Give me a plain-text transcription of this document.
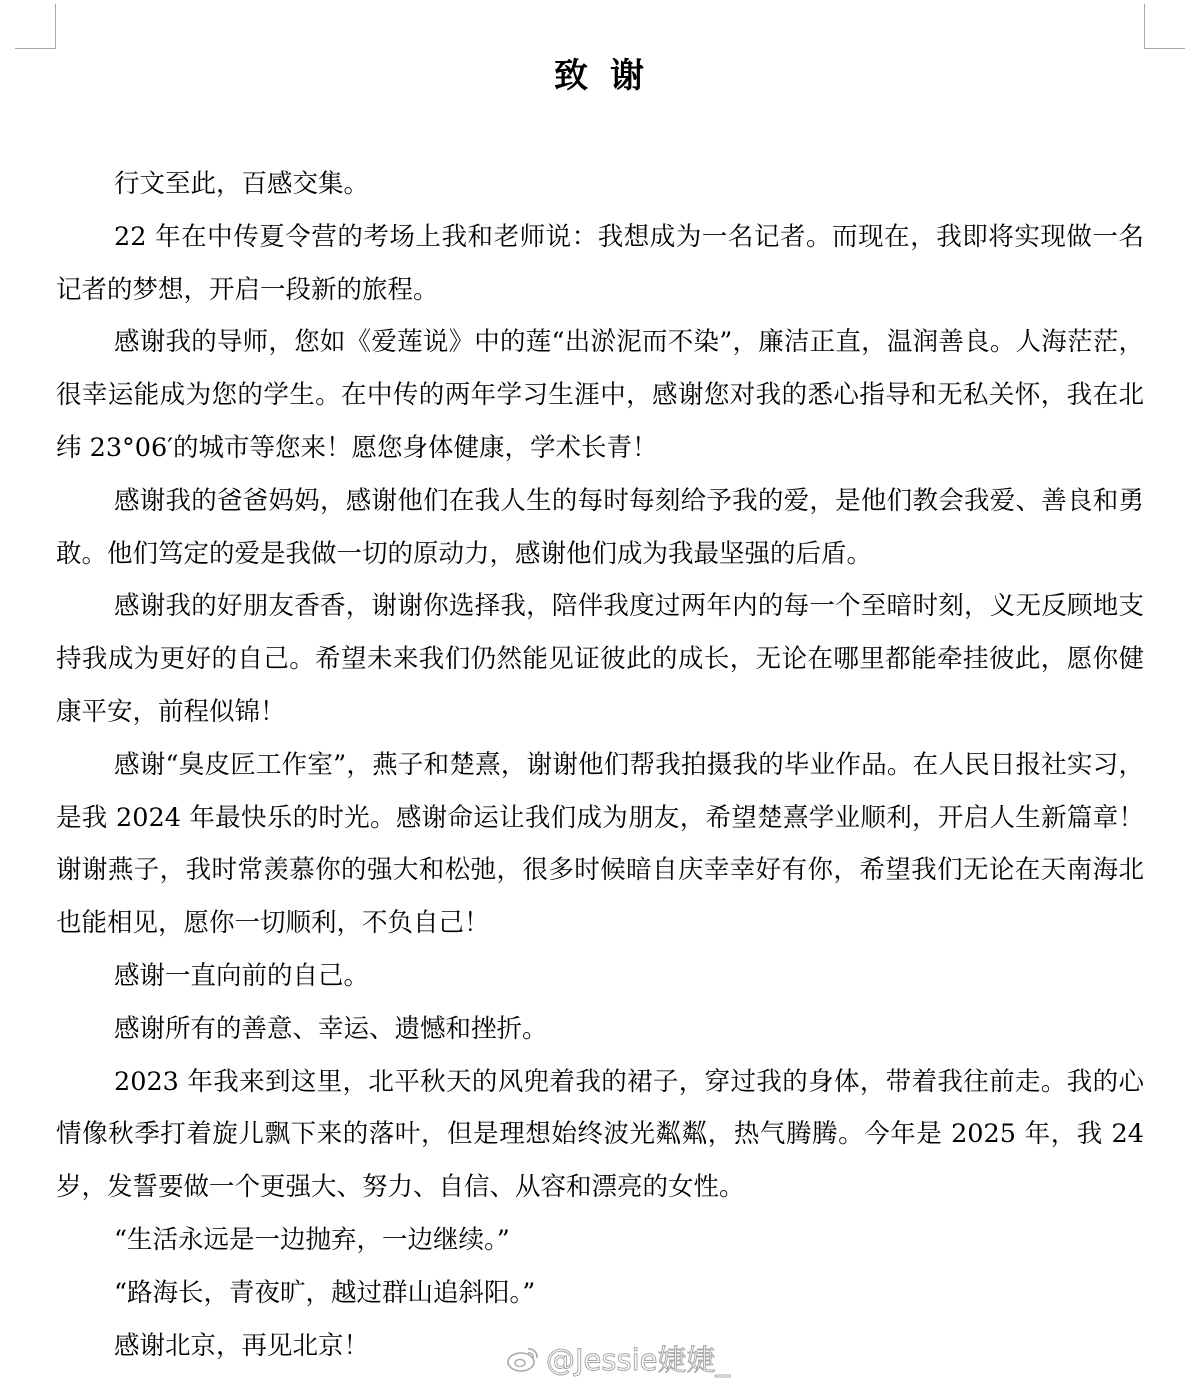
致谢

行文至此，百感交集。

22 年在中传夏令营的考场上我和老师说：我想成为一名记者。而现在，我即将实现做一名记者的梦想，开启一段新的旅程。

感谢我的导师，您如《爱莲说》中的莲“出淤泥而不染”，廉洁正直，温润善良。人海茫茫，很幸运能成为您的学生。在中传的两年学习生涯中，感谢您对我的悉心指导和无私关怀，我在北纬 23°06′的城市等您来！愿您身体健康，学术长青！

感谢我的爸爸妈妈，感谢他们在我人生的每时每刻给予我的爱，是他们教会我爱、善良和勇敢。他们笃定的爱是我做一切的原动力，感谢他们成为我最坚强的后盾。

感谢我的好朋友香香，谢谢你选择我，陪伴我度过两年内的每一个至暗时刻，义无反顾地支持我成为更好的自己。希望未来我们仍然能见证彼此的成长，无论在哪里都能牵挂彼此，愿你健康平安，前程似锦！

感谢“臭皮匠工作室”，燕子和楚熹，谢谢他们帮我拍摄我的毕业作品。在人民日报社实习，是我 2024 年最快乐的时光。感谢命运让我们成为朋友，希望楚熹学业顺利，开启人生新篇章！谢谢燕子，我时常羡慕你的强大和松弛，很多时候暗自庆幸幸好有你，希望我们无论在天南海北也能相见，愿你一切顺利，不负自己！

感谢一直向前的自己。

感谢所有的善意、幸运、遗憾和挫折。

2023 年我来到这里，北平秋天的风兜着我的裙子，穿过我的身体，带着我往前走。我的心情像秋季打着旋儿飘下来的落叶，但是理想始终波光粼粼，热气腾腾。今年是 2025 年，我 24 岁，发誓要做一个更强大、努力、自信、从容和漂亮的女性。

“生活永远是一边抛弃，一边继续。”

“路海长，青夜旷，越过群山追斜阳。”

感谢北京，再见北京！	@Jessie婕婕_
